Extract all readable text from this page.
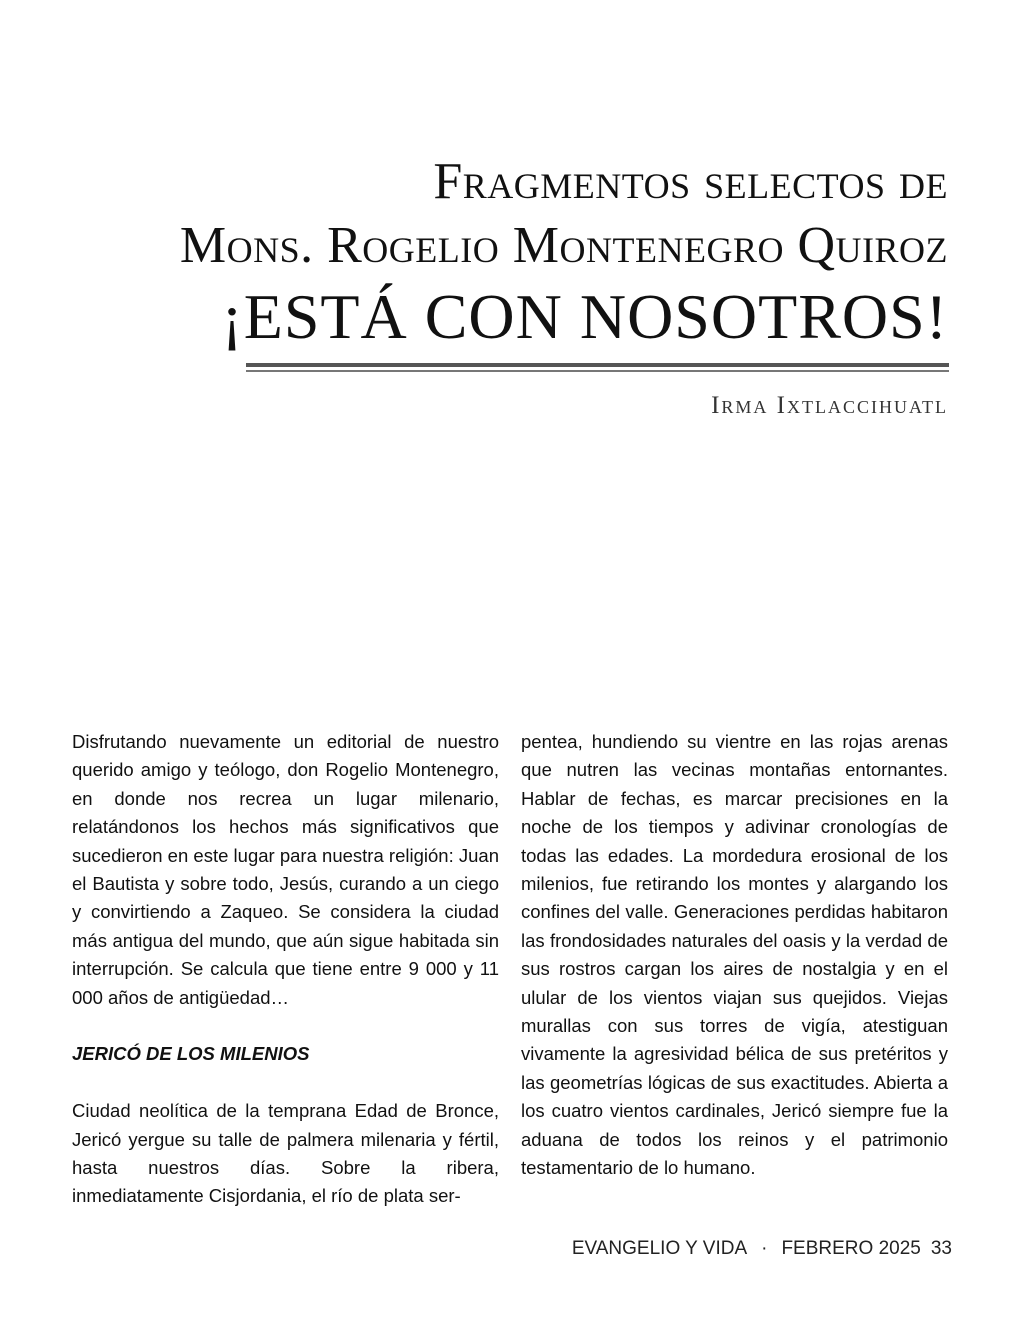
Fragmentos selectos de
Mons. Rogelio Montenegro Quiroz
¡ESTÁ CON NOSOTROS!
Irma Ixtlaccihuatl

Disfrutando nuevamente un editorial de nuestro querido amigo y teólogo, don Rogelio Montenegro, en donde nos recrea un lugar milenario, relatándonos los hechos más significativos que sucedieron en este lugar para nuestra religión: Juan el Bautista y sobre todo, Jesús, curando a un ciego y convirtiendo a Zaqueo. Se considera la ciudad más antigua del mundo, que aún sigue habitada sin interrupción. Se calcula que tiene entre 9 000 y 11 000 años de antigüedad…

JERICÓ DE LOS MILENIOS

Ciudad neolítica de la temprana Edad de Bronce, Jericó yergue su talle de palmera milenaria y fértil, hasta nuestros días. Sobre la ribera, inmediatamente Cisjordania, el río de plata ser-

pentea, hundiendo su vientre en las rojas arenas que nutren las vecinas montañas entornantes. Hablar de fechas, es marcar precisiones en la noche de los tiempos y adivinar cronologías de todas las edades. La mordedura erosional de los milenios, fue retirando los montes y alargando los confines del valle. Generaciones perdidas habitaron las frondosidades naturales del oasis y la verdad de sus rostros cargan los aires de nostalgia y en el ulular de los vientos viajan sus quejidos. Viejas murallas con sus torres de vigía, atestiguan vivamente la agresividad bélica de sus pretéritos y las geometrías lógicas de sus exactitudes. Abierta a los cuatro vientos cardinales, Jericó siempre fue la aduana de todos los reinos y el patrimonio testamentario de lo humano.

EVANGELIO Y VIDA · FEBRERO 2025 33
